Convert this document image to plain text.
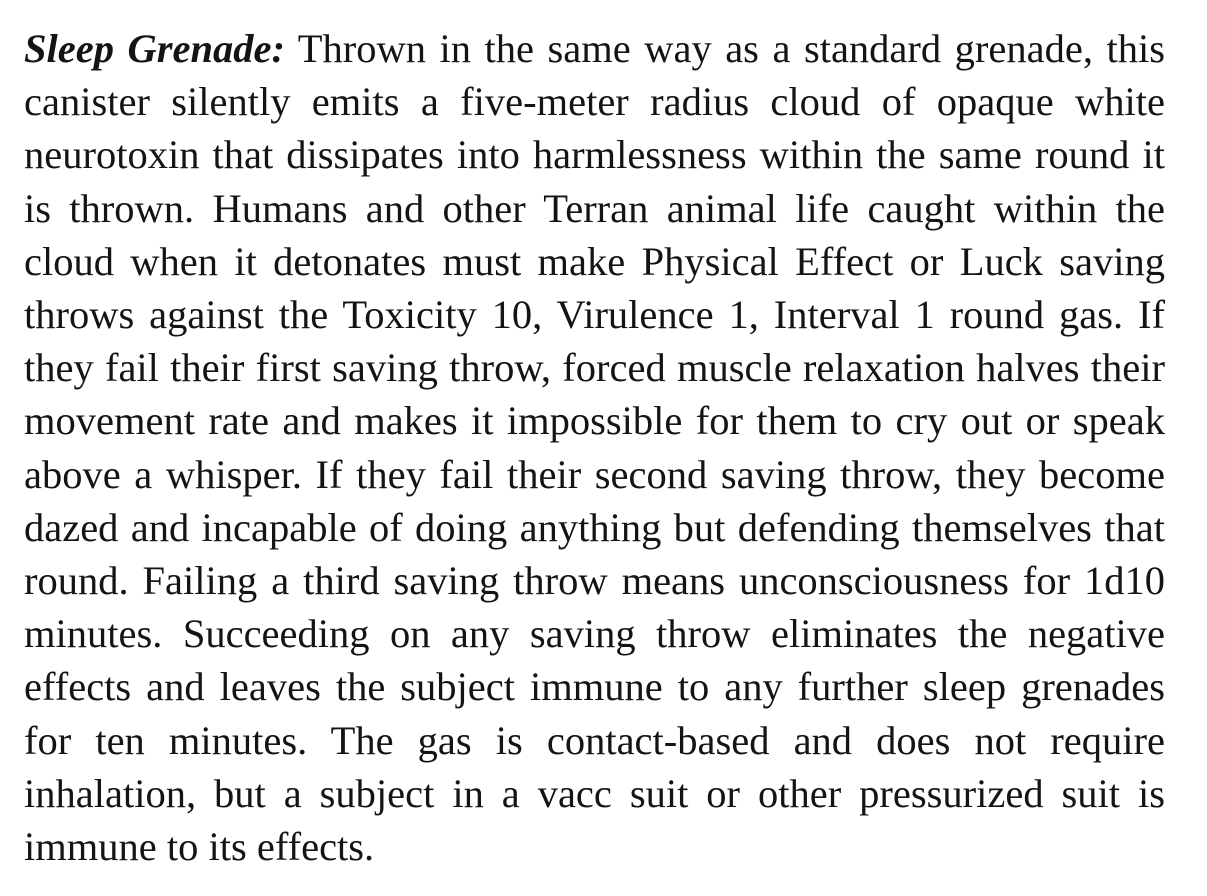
Sleep Grenade: Thrown in the same way as a standard grenade, this canister silently emits a five-meter radius cloud of opaque white neurotoxin that dissipates into harmlessness within the same round it is thrown. Humans and other Terran animal life caught within the cloud when it detonates must make Physical Effect or Luck saving throws against the Toxicity 10, Virulence 1, Interval 1 round gas. If they fail their first saving throw, forced muscle relaxation halves their movement rate and makes it impossible for them to cry out or speak above a whisper. If they fail their second saving throw, they become dazed and incapable of doing anything but defending themselves that round. Failing a third saving throw means unconsciousness for 1d10 minutes. Succeeding on any saving throw eliminates the negative effects and leaves the subject immune to any further sleep grenades for ten minutes. The gas is contact-based and does not require inhalation, but a subject in a vacc suit or other pressurized suit is immune to its effects.
